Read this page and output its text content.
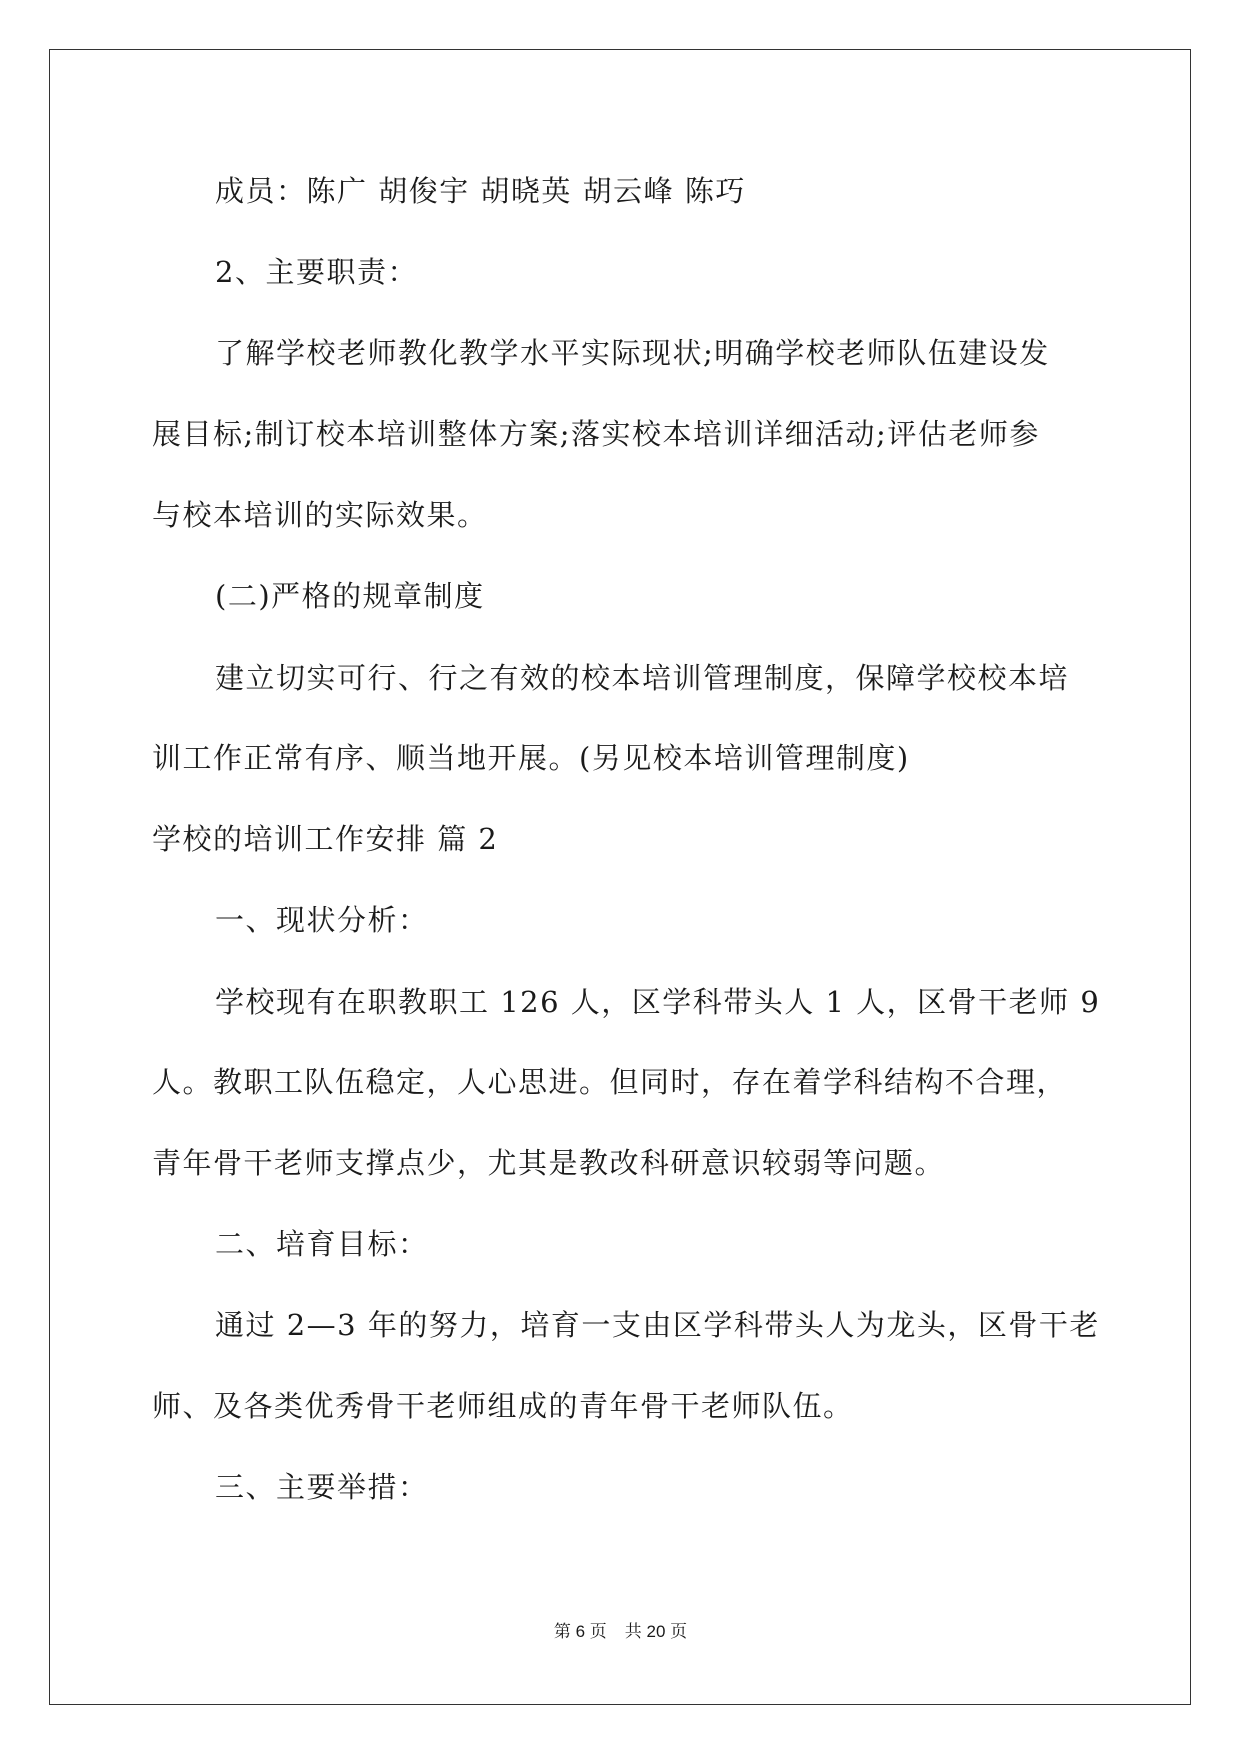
成员：陈广 胡俊宇 胡晓英 胡云峰 陈巧
2、主要职责：
了解学校老师教化教学水平实际现状;明确学校老师队伍建设发
展目标;制订校本培训整体方案;落实校本培训详细活动;评估老师参
与校本培训的实际效果。
(二)严格的规章制度
建立切实可行、行之有效的校本培训管理制度，保障学校校本培
训工作正常有序、顺当地开展。(另见校本培训管理制度)
学校的培训工作安排 篇 2
一、现状分析：
学校现有在职教职工 126 人，区学科带头人 1 人，区骨干老师 9
人。教职工队伍稳定，人心思进。但同时，存在着学科结构不合理，
青年骨干老师支撑点少，尤其是教改科研意识较弱等问题。
二、培育目标：
通过 2—3 年的努力，培育一支由区学科带头人为龙头，区骨干老
师、及各类优秀骨干老师组成的青年骨干老师队伍。
三、主要举措：
第 6 页 共 20 页
